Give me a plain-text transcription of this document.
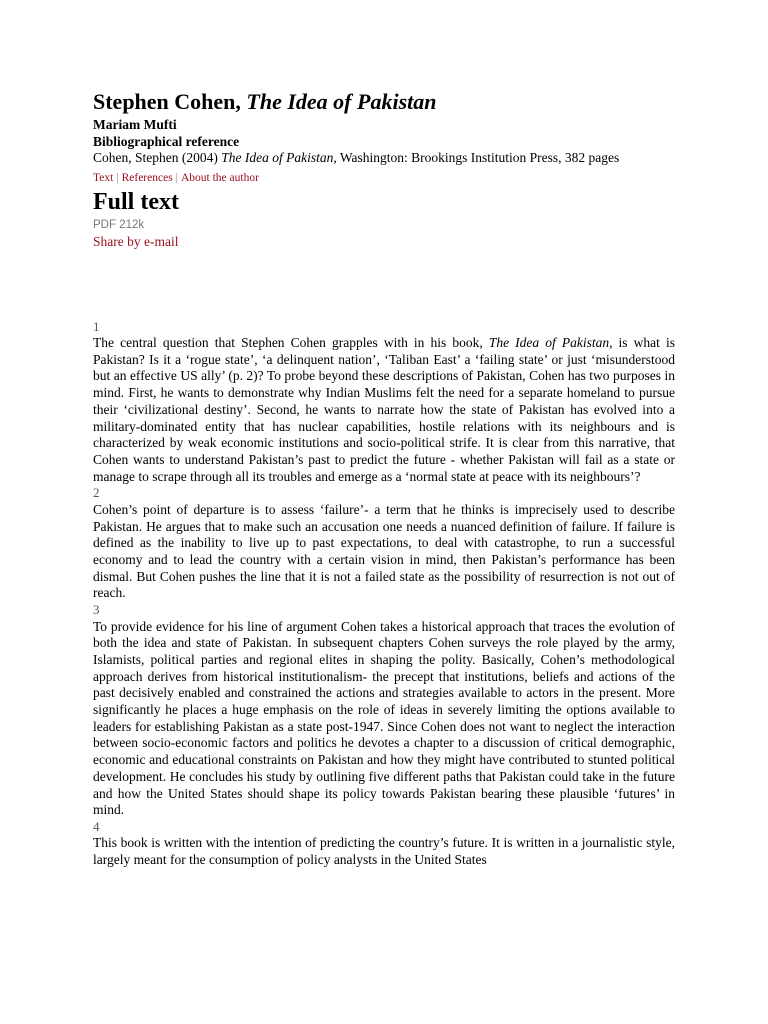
Stephen Cohen, The Idea of Pakistan
Mariam Mufti
Bibliographical reference
Cohen, Stephen (2004) The Idea of Pakistan, Washington: Brookings Institution Press, 382 pages
Text | References | About the author
Full text
PDF 212k
Share by e-mail
1

The central question that Stephen Cohen grapples with in his book, The Idea of Pakistan, is what is Pakistan? Is it a ‘rogue state’, ‘a delinquent nation’, ‘Taliban East’ a ‘failing state’ or just ‘misunderstood but an effective US ally’ (p. 2)? To probe beyond these descriptions of Pakistan, Cohen has two purposes in mind. First, he wants to demonstrate why Indian Muslims felt the need for a separate homeland to pursue their ‘civilizational destiny’. Second, he wants to narrate how the state of Pakistan has evolved into a military-dominated entity that has nuclear capabilities, hostile relations with its neighbours and is characterized by weak economic institutions and socio-political strife. It is clear from this narrative, that Cohen wants to understand Pakistan’s past to predict the future - whether Pakistan will fail as a state or manage to scrape through all its troubles and emerge as a ‘normal state at peace with its neighbours’?

2

Cohen’s point of departure is to assess ‘failure’- a term that he thinks is imprecisely used to describe Pakistan. He argues that to make such an accusation one needs a nuanced definition of failure. If failure is defined as the inability to live up to past expectations, to deal with catastrophe, to run a successful economy and to lead the country with a certain vision in mind, then Pakistan’s performance has been dismal. But Cohen pushes the line that it is not a failed state as the possibility of resurrection is not out of reach.

3

To provide evidence for his line of argument Cohen takes a historical approach that traces the evolution of both the idea and state of Pakistan. In subsequent chapters Cohen surveys the role played by the army, Islamists, political parties and regional elites in shaping the polity. Basically, Cohen’s methodological approach derives from historical institutionalism- the precept that institutions, beliefs and actions of the past decisively enabled and constrained the actions and strategies available to actors in the present. More significantly he places a huge emphasis on the role of ideas in severely limiting the options available to leaders for establishing Pakistan as a state post-1947. Since Cohen does not want to neglect the interaction between socio-economic factors and politics he devotes a chapter to a discussion of critical demographic, economic and educational constraints on Pakistan and how they might have contributed to stunted political development. He concludes his study by outlining five different paths that Pakistan could take in the future and how the United States should shape its policy towards Pakistan bearing these plausible ‘futures’ in mind.

4

This book is written with the intention of predicting the country’s future. It is written in a journalistic style, largely meant for the consumption of policy analysts in the United States
